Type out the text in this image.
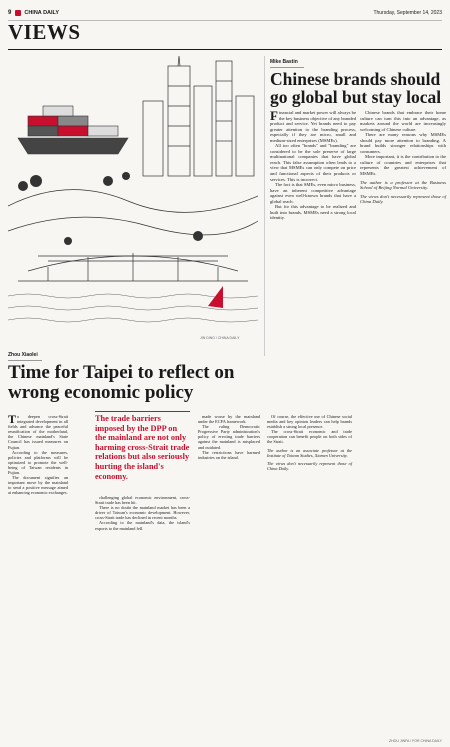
9 CHINA DAILY	Thursday, September 14, 2023
VIEWS
JIN DING / CHINA DAILY
Mike Bastin
Chinese brands should go global but stay local

Financial and market power will always be the key business objective of any branded product and service. Yet brands need to pay greater attention to the branding process, especially if they are micro, small and medium-sized enterprises (MSMEs).

All too often "brands" and "branding" are considered to be the sole preserve of large multinational companies that have global reach. This false assumption often leads to a view that MSMEs can only compete on price and functional aspects of their products or services. This is incorrect.

The fact is that SMEs, even micro business, have an inherent competitive advantage against even well-known brands that have a global reach.

But for this advantage to be realized and built into brands, MSMEs need a strong local identity.

Chinese brands that embrace their home culture can turn this into an advantage, as markets around the world are increasingly welcoming of Chinese culture.

There are many reasons why MSMEs should pay more attention to branding. A brand builds stronger relationships with consumers.

More important, it is the contribution to the culture of countries and enterprises that represents the greatest achievement of MSMEs.

The author is a professor at the Business School of Beijing Normal University.

The views don't necessarily represent those of China Daily.

Zhou Xiaolei
Time for Taipei to reflect on wrong economic policy

To deepen cross-Strait integrated development in all fields and advance the peaceful reunification of the motherland, the Chinese mainland's State Council has issued measures on Fujian.

According to the measures, policies and platforms will be optimized to promote the well-being of Taiwan residents in Fujian.

The document signifies an important move by the mainland to send a positive message aimed at enhancing economic exchanges.

The trade barriers imposed by the DPP on the mainland are not only harming cross-Strait trade relations but also seriously hurting the island's economy.

challenging global economic environment, cross-Strait trade has been hit.

There is no doubt the mainland market has been a driver of Taiwan's economic development. However, cross-Strait trade has declined in recent months.

According to the mainland's data, the island's exports to the mainland fell.

made worse by the mainland under the ECFA framework.

The ruling Democratic Progressive Party administration's policy of erecting trade barriers against the mainland is misplaced and outdated.

The restrictions have harmed industries on the island.

Of course, the effective use of Chinese social media and key opinion leaders can help brands establish a strong local presence.

The cross-Strait economic and trade cooperation can benefit people on both sides of the Strait.

The author is an associate professor at the Institute of Taiwan Studies, Xiamen University.

The views don't necessarily represent those of China Daily.

ZHOU JINFA / FOR CHINA DAILY
